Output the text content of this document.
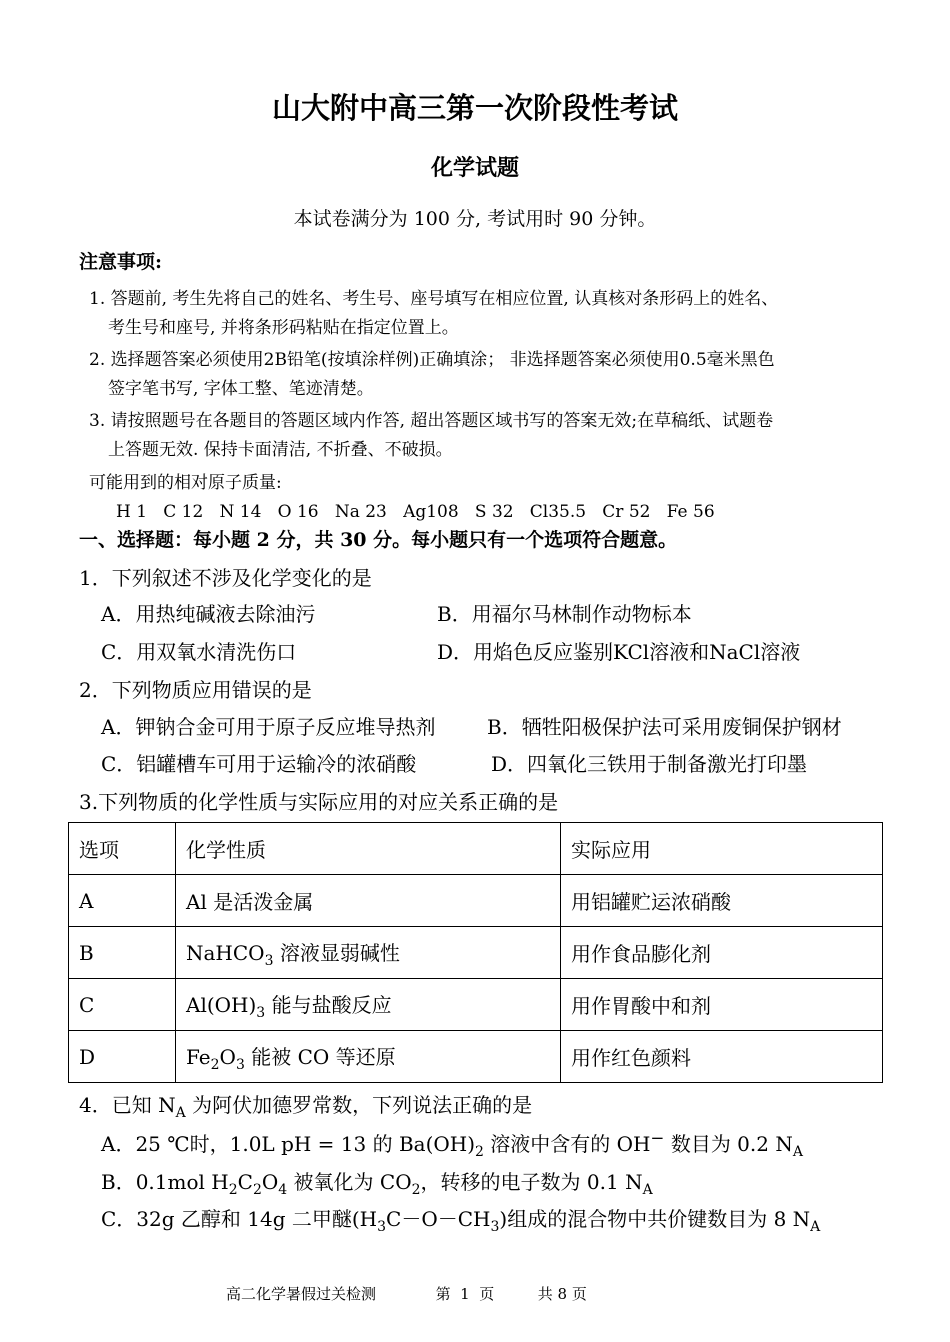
山大附中高三第一次阶段性考试
化学试题
本试卷满分为 100 分, 考试用时 90 分钟。
注意事项:
1. 答题前, 考生先将自己的姓名、考生号、座号填写在相应位置, 认真核对条形码上的姓名、
考生号和座号, 并将条形码粘贴在指定位置上。
2. 选择题答案必须使用2B铅笔(按填涂样例)正确填涂； 非选择题答案必须使用0.5毫米黑色
签字笔书写, 字体工整、笔迹清楚。
3. 请按照题号在各题目的答题区域内作答, 超出答题区域书写的答案无效;在草稿纸、试题卷
上答题无效. 保持卡面清洁, 不折叠、不破损。
可能用到的相对原子质量:
H 1   C 12   N 14   O 16   Na 23   Ag108   S 32   Cl35.5   Cr 52   Fe 56
一、选择题：每小题 2 分，共 30 分。每小题只有一个选项符合题意。
1．下列叙述不涉及化学变化的是
A．用热纯碱液去除油污	B．用福尔马林制作动物标本
C．用双氧水清洗伤口	D．用焰色反应鉴别KCl溶液和NaCl溶液
2．下列物质应用错误的是
A．钾钠合金可用于原子反应堆导热剂	B．牺牲阳极保护法可采用废铜保护钢材
C．铝罐槽车可用于运输冷的浓硝酸	D．四氧化三铁用于制备激光打印墨
3.下列物质的化学性质与实际应用的对应关系正确的是
选项	化学性质	实际应用
A	Al 是活泼金属	用铝罐贮运浓硝酸
B	NaHCO$_3$ 溶液显弱碱性	用作食品膨化剂
C	$Al(OH)_3$ 能与盐酸反应	用作胃酸中和剂
D	$Fe_2O_3$ 能被 CO 等还原	用作红色颜料
4．已知 $N_A$ 为阿伏加德罗常数，下列说法正确的是
A．25 ℃时，1.0L pH = 13 的 $Ba(OH)_2$ 溶液中含有的 OH− 数目为 0.2 $N_A$
B．0.1mol $H_2C_2O_4$ 被氧化为 $CO_2$，转移的电子数为 0.1 $N_A$
C．32g 乙醇和 14g 二甲醚$(H_3C-O-CH_3)$组成的混合物中共价键数目为 8 $N_A$
高二化学暑假过关检测	第  1  页	共 8 页
